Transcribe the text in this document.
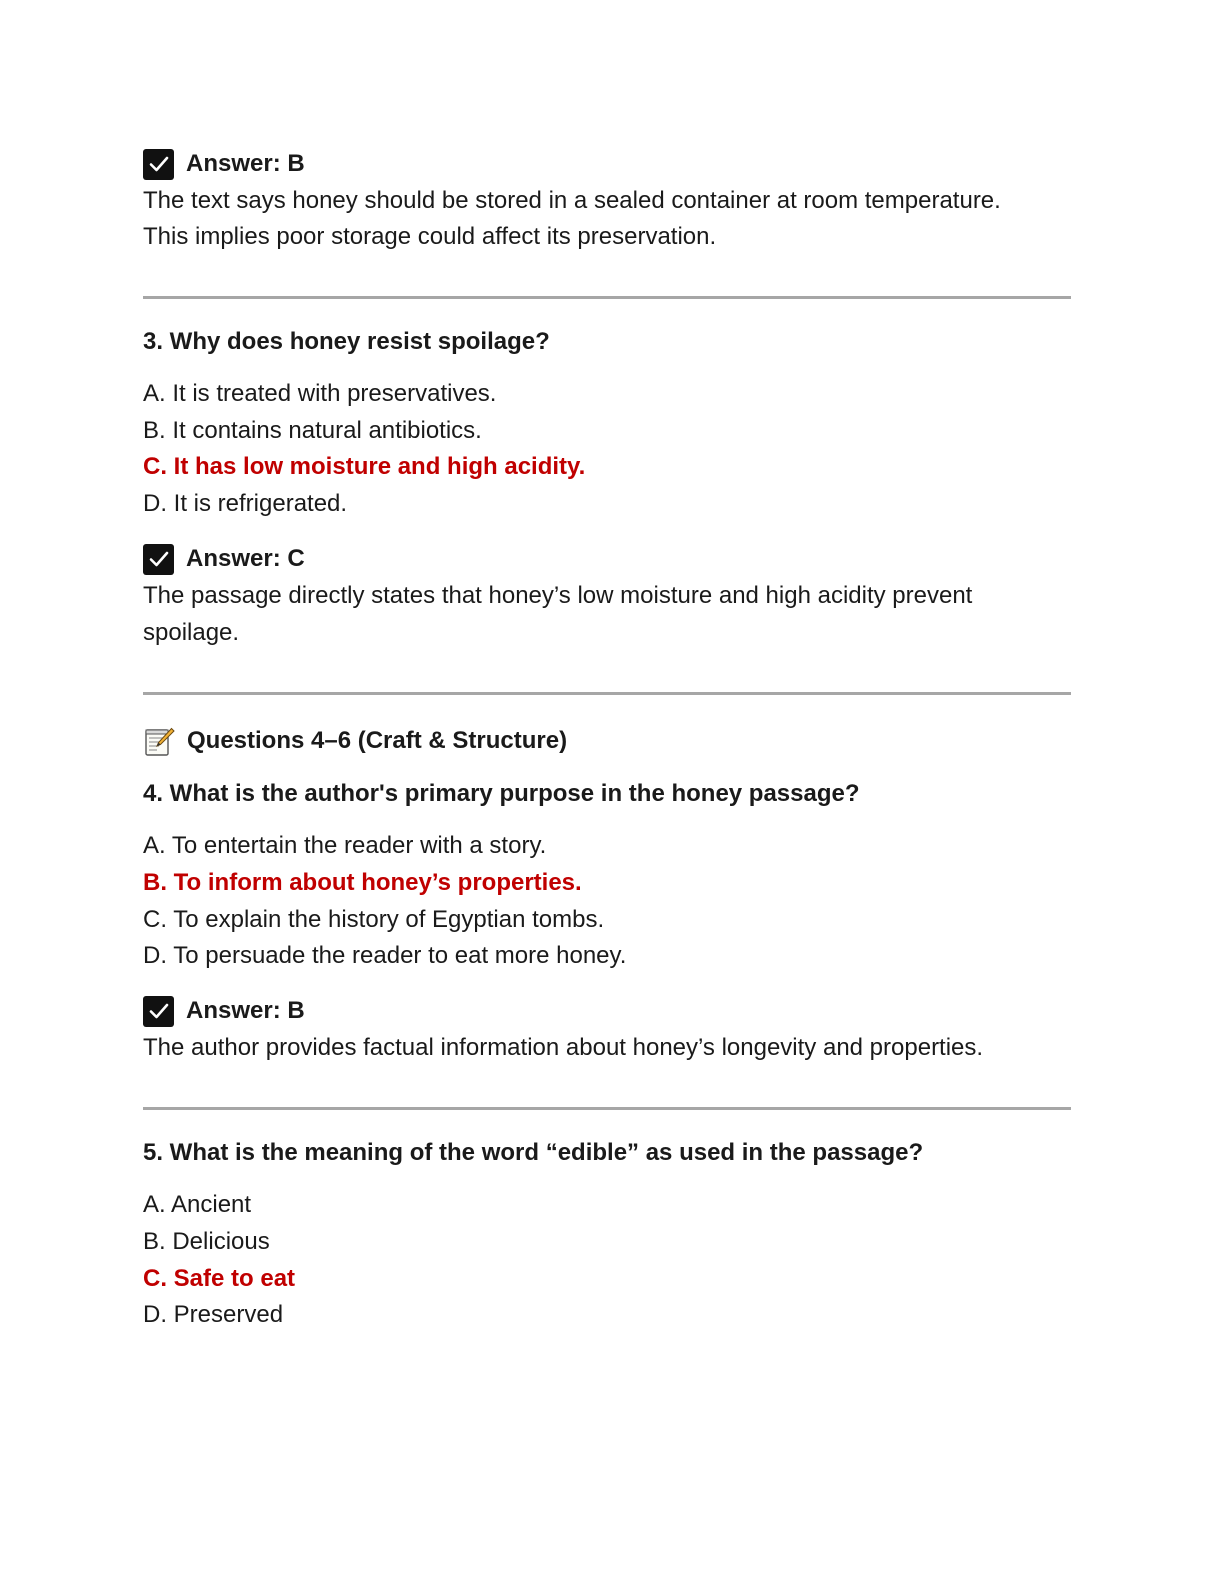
Answer: B
The text says honey should be stored in a sealed container at room temperature.
This implies poor storage could affect its preservation.
3. Why does honey resist spoilage?
A. It is treated with preservatives.
B. It contains natural antibiotics.
C. It has low moisture and high acidity.
D. It is refrigerated.
Answer: C
The passage directly states that honey’s low moisture and high acidity prevent
spoilage.
Questions 4–6 (Craft & Structure)
4. What is the author's primary purpose in the honey passage?
A. To entertain the reader with a story.
B. To inform about honey’s properties.
C. To explain the history of Egyptian tombs.
D. To persuade the reader to eat more honey.
Answer: B
The author provides factual information about honey’s longevity and properties.
5. What is the meaning of the word “edible” as used in the passage?
A. Ancient
B. Delicious
C. Safe to eat
D. Preserved
